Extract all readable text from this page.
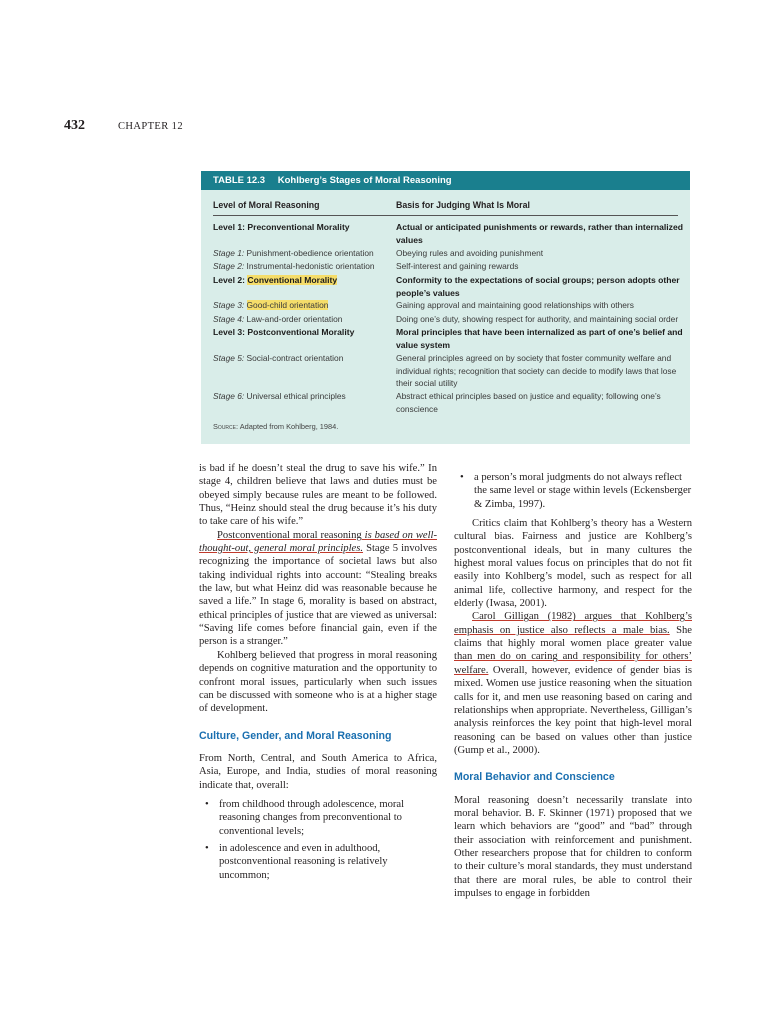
432	CHAPTER 12
TABLE 12.3 Kohlberg’s Stages of Moral Reasoning
Level of Moral Reasoning	Basis for Judging What Is Moral
Level 1: Preconventional Morality	Actual or anticipated punishments or rewards, rather than internalized values
Stage 1: Punishment-obedience orientation	Obeying rules and avoiding punishment
Stage 2: Instrumental-hedonistic orientation	Self-interest and gaining rewards
Level 2: Conventional Morality	Conformity to the expectations of social groups; person adopts other people’s values
Stage 3: Good-child orientation	Gaining approval and maintaining good relationships with others
Stage 4: Law-and-order orientation	Doing one’s duty, showing respect for authority, and maintaining social order
Level 3: Postconventional Morality	Moral principles that have been internalized as part of one’s belief and value system
Stage 5: Social-contract orientation	General principles agreed on by society that foster community welfare and individual rights; recognition that society can decide to modify laws that lose their social utility
Stage 6: Universal ethical principles	Abstract ethical principles based on justice and equality; following one’s conscience
Source: Adapted from Kohlberg, 1984.

is bad if he doesn’t steal the drug to save his wife.” In stage 4, children believe that laws and duties must be obeyed simply because rules are meant to be followed. Thus, “Heinz should steal the drug because it’s his duty to take care of his wife.”

Postconventional moral reasoning is based on well-thought-out, general moral principles. Stage 5 involves recognizing the importance of societal laws but also taking individual rights into account: “Stealing breaks the law, but what Heinz did was reasonable because he saved a life.” In stage 6, morality is based on abstract, ethical principles of justice that are viewed as universal: “Saving life comes before financial gain, even if the person is a stranger.”

Kohlberg believed that progress in moral reasoning depends on cognitive maturation and the opportunity to confront moral issues, particularly when such issues can be discussed with someone who is at a higher stage of development.

Culture, Gender, and Moral Reasoning

From North, Central, and South America to Africa, Asia, Europe, and India, studies of moral reasoning indicate that, overall:

• from childhood through adolescence, moral reasoning changes from preconventional to conventional levels;
• in adolescence and even in adulthood, postconventional reasoning is relatively uncommon;
• a person’s moral judgments do not always reflect the same level or stage within levels (Eckensberger & Zimba, 1997).

Critics claim that Kohlberg’s theory has a Western cultural bias. Fairness and justice are Kohlberg’s postconventional ideals, but in many cultures the highest moral values focus on principles that do not fit easily into Kohlberg’s model, such as respect for all animal life, collective harmony, and respect for the elderly (Iwasa, 2001).

Carol Gilligan (1982) argues that Kohlberg’s emphasis on justice also reflects a male bias. She claims that highly moral women place greater value than men do on caring and responsibility for others’ welfare. Overall, however, evidence of gender bias is mixed. Women use justice reasoning when the situation calls for it, and men use reasoning based on caring and relationships when appropriate. Nevertheless, Gilligan’s analysis reinforces the key point that high-level moral reasoning can be based on values other than justice (Gump et al., 2000).

Moral Behavior and Conscience

Moral reasoning doesn’t necessarily translate into moral behavior. B. F. Skinner (1971) proposed that we learn which behaviors are “good” and “bad” through their association with reinforcement and punishment. Other researchers propose that for children to conform to their culture’s moral standards, they must understand that there are moral rules, be able to control their impulses to engage in forbidden
